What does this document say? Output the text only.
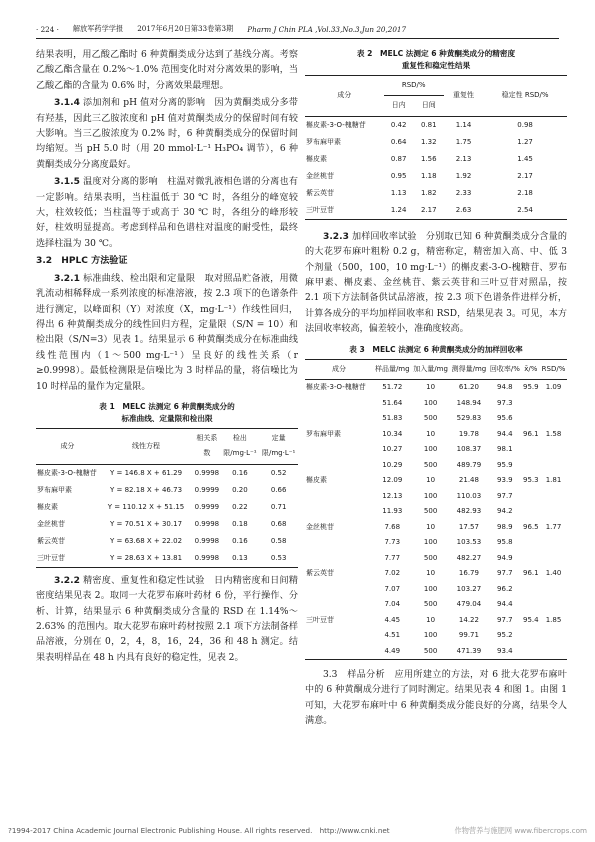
· 224 · 解放军药学学报 2017年6月20日第33卷第3期 Pharm J Chin PLA ,Vol.33,No.3,Jun 20,2017

结果表明，用乙酸乙酯时 6 种黄酮类成分达到了基线分离。考察乙酸乙酯含量在 0.2%～1.0% 范围变化时对分离效果的影响，当乙酸乙酯的含量为 0.6% 时，分离效果最理想。

3.1.4 添加剂和 pH 值对分离的影响　因为黄酮类成分多带有羟基，因此三乙胺浓度和 pH 值对黄酮类成分的保留时间有较大影响。当三乙胺浓度为 0.2% 时，6 种黄酮类成分的保留时间均缩短。当 pH 5.0 时（用 20 mmol·L⁻¹ H₃PO₄ 调节），6 种黄酮类成分分离度最好。

3.1.5 温度对分离的影响　柱温对微乳液相色谱的分离也有一定影响。结果表明，当柱温低于 30 ℃ 时，各组分的峰宽较大，柱效较低；当柱温等于或高于 30 ℃ 时，各组分的峰形较好，柱效明显提高。考虑到样品和色谱柱对温度的耐受性，最终选择柱温为 30 ℃。

3.2　HPLC 方法验证

3.2.1 标准曲线、检出限和定量限　取对照品贮备液，用微乳流动相稀释成一系列浓度的标准溶液，按 2.3 项下的色谱条件进行测定，以峰面积（Y）对浓度（X，mg·L⁻¹）作线性回归，得出 6 种黄酮类成分的线性回归方程，定量限（S/N = 10）和检出限（S/N=3）见表 1。结果显示 6 种黄酮类成分在标准曲线线性范围内（1～500 mg·L⁻¹）呈良好的线性关系（r ≥0.9998）。最低检测限是信噪比为 3 时样品的量，将信噪比为 10 时样品的量作为定量限。

表 1　MELC 法测定 6 种黄酮类成分的
标准曲线、定量限和检出限
成分	线性方程	相关系数	检出限/mg·L⁻¹	定量限/mg·L⁻¹
槲皮素-3-O-槐糖苷	Y = 146.8 X + 61.29	0.9998	0.16	0.52
罗布麻甲素	Y = 82.18 X + 46.73	0.9999	0.20	0.66
槲皮素	Y = 110.12 X + 51.15	0.9999	0.22	0.71
金丝桃苷	Y = 70.51 X + 30.17	0.9998	0.18	0.68
紫云英苷	Y = 63.68 X + 22.02	0.9998	0.16	0.58
三叶豆苷	Y = 28.63 X + 13.81	0.9998	0.13	0.53

3.2.2 精密度、重复性和稳定性试验　日内精密度和日间精密度结果见表 2。取同一大花罗布麻叶药材 6 份，平行操作、分析、计算，结果显示 6 种黄酮类成分含量的 RSD 在 1.14%～2.63% 的范围内。取大花罗布麻叶药材按照 2.1 项下方法制备样品溶液，分别在 0，2，4，8，16，24，36 和 48 h 测定。结果表明样品在 48 h 内具有良好的稳定性，见表 2。

表 2　MELC 法测定 6 种黄酮类成分的精密度
重复性和稳定性结果
成分	RSD/%		重复性	稳定性 RSD/%
	日内	日间		
槲皮素-3-O-槐糖苷	0.42	0.81	1.14	0.98
罗布麻甲素	0.64	1.32	1.75	1.27
槲皮素	0.87	1.56	2.13	1.45
金丝桃苷	0.95	1.18	1.92	2.17
紫云英苷	1.13	1.82	2.33	2.18
三叶豆苷	1.24	2.17	2.63	2.54

3.2.3 加样回收率试验　分别取已知 6 种黄酮类成分含量的的大花罗布麻叶粗粉 0.2 g，精密称定，精密加入高、中、低 3 个剂量（500，100，10 mg·L⁻¹）的槲皮素-3-O-槐糖苷、罗布麻甲素、槲皮素、金丝桃苷、紫云英苷和三叶豆苷对照品，按 2.1 项下方法制备供试品溶液，按 2.3 项下色谱条件进样分析，计算各成分的平均加样回收率和 RSD，结果见表 3。可见，本方法回收率较高，偏差较小，准确度较高。

表 3　MELC 法测定 6 种黄酮类成分的加样回收率
成分	样品量/mg	加入量/mg	测得量/mg	回收率/%	x̄/%	RSD/%
槲皮素-3-O-槐糖苷	51.72	10	61.20	94.8	95.9	1.09
	51.64	100	148.94	97.3		
	51.83	500	529.83	95.6		
罗布麻甲素	10.34	10	19.78	94.4	96.1	1.58
	10.27	100	108.37	98.1		
	10.29	500	489.79	95.9		
槲皮素	12.09	10	21.48	93.9	95.3	1.81
	12.13	100	110.03	97.7		
	11.93	500	482.93	94.2		
金丝桃苷	7.68	10	17.57	98.9	96.5	1.77
	7.73	100	103.53	95.8		
	7.77	500	482.27	94.9		
紫云英苷	7.02	10	16.79	97.7	96.1	1.40
	7.07	100	103.27	96.2		
	7.04	500	479.04	94.4		
三叶豆苷	4.45	10	14.22	97.7	95.4	1.85
	4.51	100	99.71	95.2		
	4.49	500	471.39	93.4		

3.3　样品分析　应用所建立的方法，对 6 批大花罗布麻叶中的 6 种黄酮成分进行了同时测定。结果见表 4 和图 1。由图 1 可知，大花罗布麻叶中 6 种黄酮类成分能良好的分离，结果令人满意。

?1994-2017 China Academic Journal Electronic Publishing House. All rights reserved.　http://www.cnki.net	作物营养与施肥网 www.fibercrops.com
